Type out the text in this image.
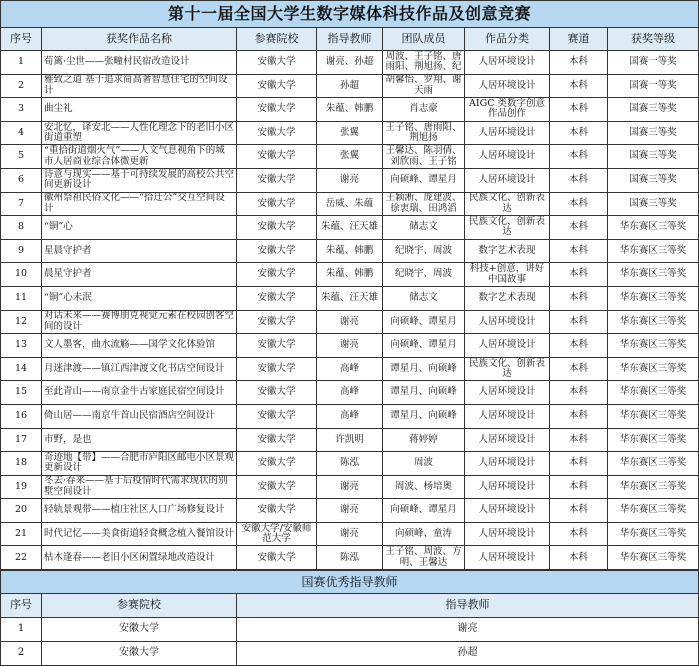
第十一届全国大学生数字媒体科技作品及创意竞赛							
序号	获奖作品名称	参赛院校	指导教师	团队成员	作品分类	赛道	获奖等级
1	荀篱·尘世——张疃村民宿改造设计	安徽大学	谢亮、孙超	周波、王子铭、唐雨阳、荆旭扬、纪	人居环境设计	本科	国赛一等奖
2	雅致之道 基于追求简高奢智慧住宅的空间设计	安徽大学	孙超	胡馨怡、罗翔、谢天雨	人居环境设计	本科	国赛一等奖
3	曲尘礼	安徽大学	朱蕴、韩鹏	肖志豪	AIGC 类数字创意作品创作	本科	国赛三等奖
4	安北忆，译安北——人性化理念下的老旧小区街道重塑	安徽大学	张翼	王子铭、唐雨阳、荆旭扬	人居环境设计	本科	国赛三等奖
5	“重拾街道烟火气”——人文气息视角下的城市人居商业综合体微更新	安徽大学	张翼	王馨达、陈羽倩、刘欣雨、王子铭	人居环境设计	本科	国赛三等奖
6	诗意与现实——基于可持续发展的高校公共空间更新设计	安徽大学	谢亮	向硕峰、谭星月	人居环境设计	本科	国赛三等奖
7	徽州祭祖民俗文化——“拾迁公”交互空间设计	安徽大学	岳威、朱蕴	王颖淅、庞建波、徐衷瑞、田鸿滔	民族文化、创新表达	本科	国赛三等奖
8	“铜”心	安徽大学	朱蕴、汪天雄	储志文	民族文化、创新表达	本科	华东赛区三等奖
9	星晨守护者	安徽大学	朱蕴、韩鹏	纪晓宇、周波	数字艺术表现	本科	华东赛区三等奖
10	晨星守护者	安徽大学	朱蕴、韩鹏	纪晓宇、周波	科技+创意，讲好中国故事	本科	华东赛区三等奖
11	“铜”心未泯	安徽大学	朱蕴、汪天雄	储志文	数字艺术表现	本科	华东赛区三等奖
12	对话未来——赛博朋克视觉元素在校园创客空间的设计	安徽大学	谢亮	向硕峰、谭星月	人居环境设计	本科	华东赛区三等奖
13	文人墨客，曲水流觞——国学文化体验馆	安徽大学	谢亮	向硕峰、谭星月	人居环境设计	本科	华东赛区三等奖
14	月迷津渡——镇江西津渡文化书店空间设计	安徽大学	高峰	谭星月、向硕峰	民族文化、创新表达	本科	华东赛区三等奖
15	至此青山——南京金牛古家庭民宿空间设计	安徽大学	高峰	谭星月、向硕峰	人居环境设计	本科	华东赛区三等奖
16	倚山居——南京牛首山民宿酒店空间设计	安徽大学	高峰	谭星月、向硕峰	人居环境设计	本科	华东赛区三等奖
17	市野，是也	安徽大学	许凯明	蒋婷婷	人居环境设计	本科	华东赛区三等奖
18	奇迹地【带】——合肥市庐阳区邮电小区景观更新设计	安徽大学	陈泓	周波	人居环境设计	本科	华东赛区三等奖
19	冬去·春来——基于后疫情时代需求现状的别墅空间设计	安徽大学	谢亮	周波、杨培奥	人居环境设计	本科	华东赛区三等奖
20	轻轨景观带——植庄社区人口广场修复设计	安徽大学	谢亮	向硕峰、谭星月	人居环境设计	本科	华东赛区三等奖
21	时代记忆——美食街道轻食概念植入餐馆设计	安徽大学/安徽师范大学	谢亮	向硕峰、童涛	人居环境设计	本科	华东赛区三等奖
22	枯木逢春——老旧小区闲置绿地改造设计	安徽大学	陈泓	王子铭、周波、方明、王馨达	人居环境设计	本科	华东赛区三等奖
国赛优秀指导教师		
序号	参赛院校	指导教师
1	安徽大学	谢亮
2	安徽大学	孙超
